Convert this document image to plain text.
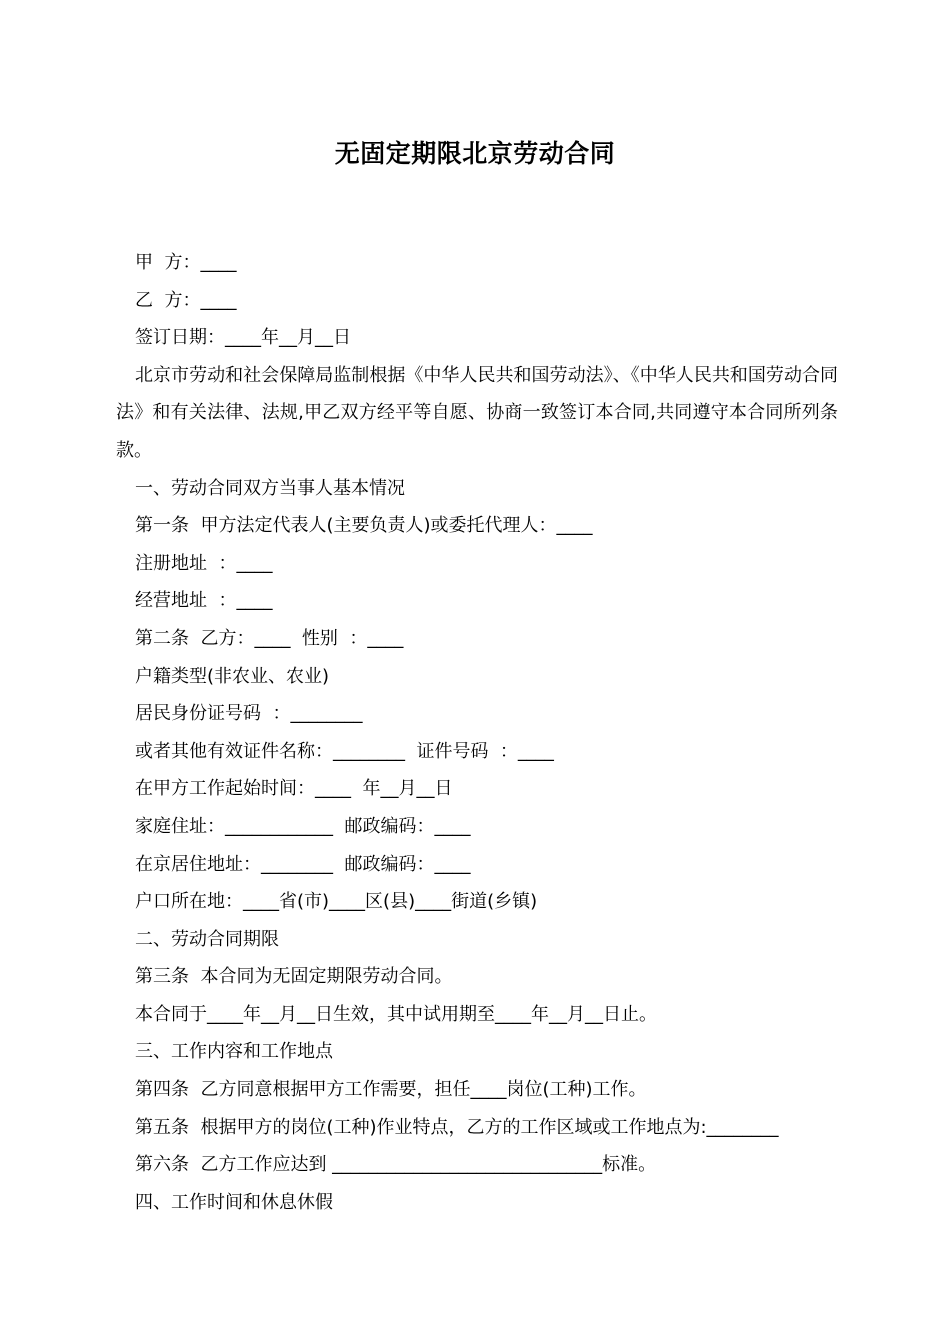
无固定期限北京劳动合同

甲  方：____

乙  方：____

签订日期：____年__月__日

北京市劳动和社会保障局监制根据《中华人民共和国劳动法》、《中华人民共和国劳动合同法》和有关法律、法规,甲乙双方经平等自愿、协商一致签订本合同,共同遵守本合同所列条款。

一、劳动合同双方当事人基本情况

第一条  甲方法定代表人(主要负责人)或委托代理人：____

注册地址  ：____

经营地址  ：____

第二条  乙方：____  性别  ：____

户籍类型(非农业、农业)

居民身份证号码  ：________

或者其他有效证件名称：________  证件号码  ：____

在甲方工作起始时间：____  年__月__日

家庭住址：____________  邮政编码：____

在京居住地址：________  邮政编码：____

户口所在地：____省(市)____区(县)____街道(乡镇)

二、劳动合同期限

第三条  本合同为无固定期限劳动合同。

本合同于____年__月__日生效，其中试用期至____年__月__日止。

三、工作内容和工作地点

第四条  乙方同意根据甲方工作需要，担任____岗位(工种)工作。

第五条  根据甲方的岗位(工种)作业特点，乙方的工作区域或工作地点为:________

第六条  乙方工作应达到 ______________________________标准。

四、工作时间和休息休假
